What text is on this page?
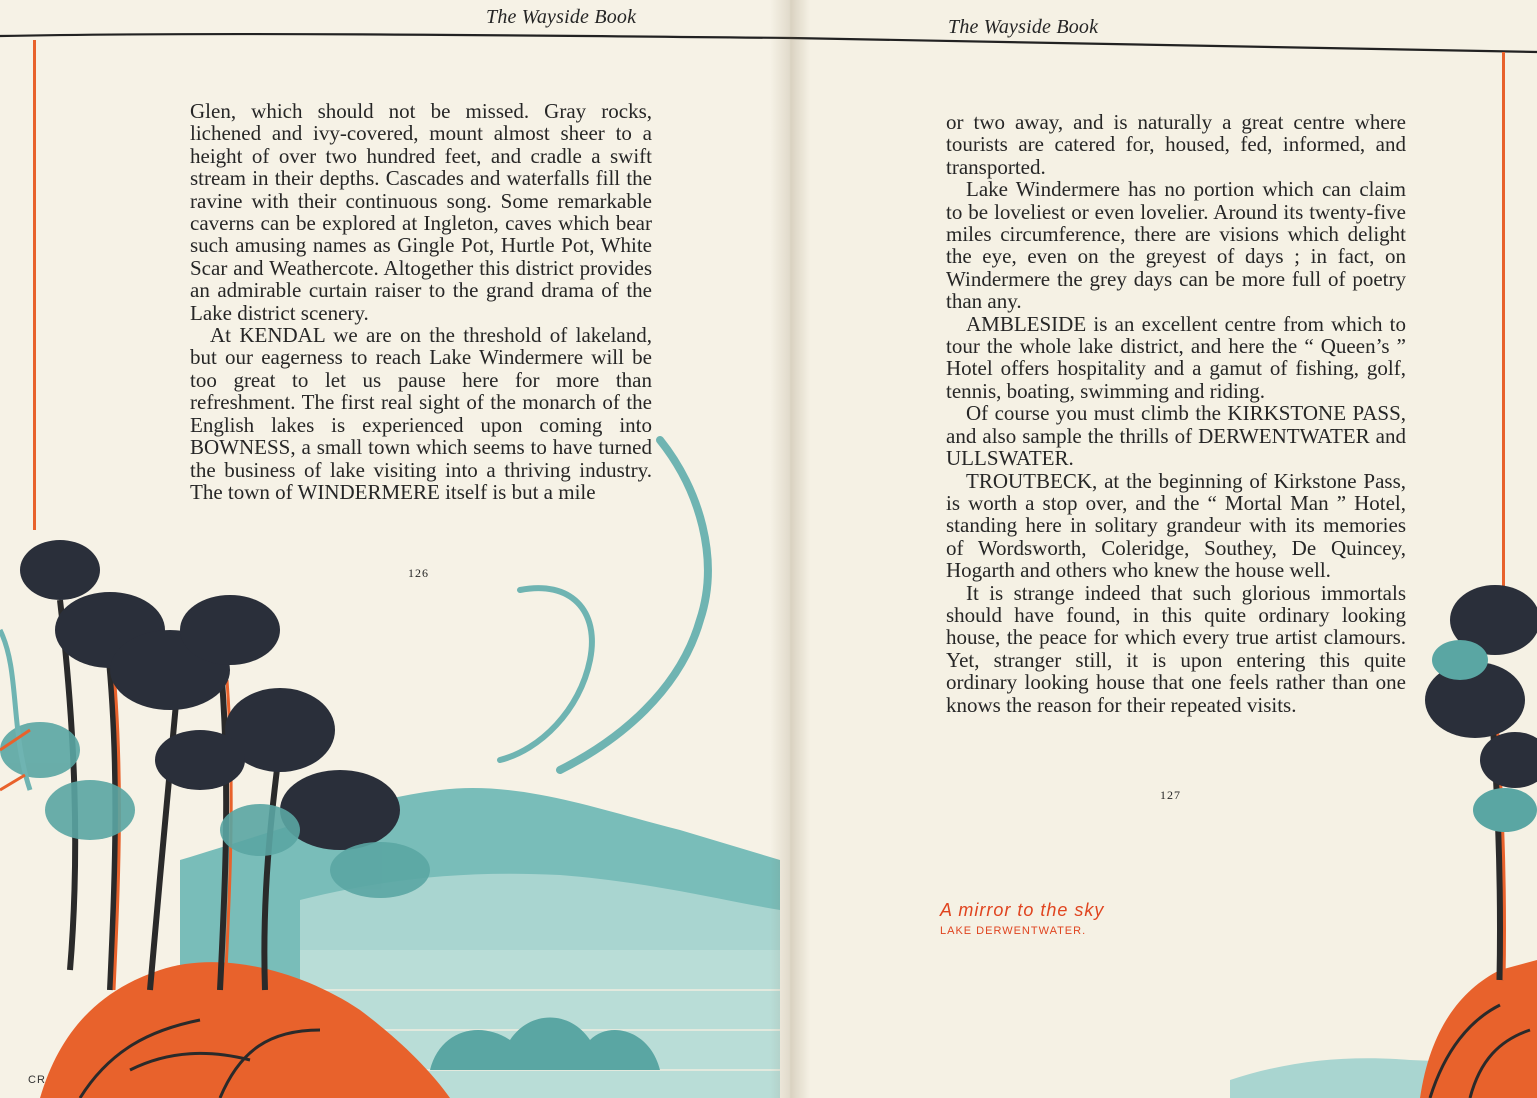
The Wayside Book

Glen, which should not be missed. Gray rocks, lichened and ivy-covered, mount almost sheer to a height of over two hundred feet, and cradle a swift stream in their depths. Cascades and waterfalls fill the ravine with their continuous song. Some remarkable caverns can be explored at Ingleton, caves which bear such amusing names as Gingle Pot, Hurtle Pot, White Scar and Weathercote. Altogether this district provides an admirable curtain raiser to the grand drama of the Lake district scenery.

At KENDAL we are on the threshold of lakeland, but our eagerness to reach Lake Windermere will be too great to let us pause here for more than refreshment. The first real sight of the monarch of the English lakes is experienced upon coming into BOWNESS, a small town which seems to have turned the business of lake visiting into a thriving industry. The town of WINDERMERE itself is but a mile

126
CR
The Wayside Book

or two away, and is naturally a great centre where tourists are catered for, housed, fed, informed, and transported.

Lake Windermere has no portion which can claim to be loveliest or even lovelier. Around its twenty-five miles circumference, there are visions which delight the eye, even on the greyest of days ; in fact, on Windermere the grey days can be more full of poetry than any.

AMBLESIDE is an excellent centre from which to tour the whole lake district, and here the “ Queen’s ” Hotel offers hospitality and a gamut of fishing, golf, tennis, boating, swimming and riding.

Of course you must climb the KIRKSTONE PASS, and also sample the thrills of DERWENTWATER and ULLSWATER.

TROUTBECK, at the beginning of Kirkstone Pass, is worth a stop over, and the “ Mortal Man ” Hotel, standing here in solitary grandeur with its memories of Wordsworth, Coleridge, Southey, De Quincey, Hogarth and others who knew the house well.

It is strange indeed that such glorious immortals should have found, in this quite ordinary looking house, the peace for which every true artist clamours. Yet, stranger still, it is upon entering this quite ordinary looking house that one feels rather than one knows the reason for their repeated visits.

127
A mirror to the sky
LAKE DERWENTWATER.
